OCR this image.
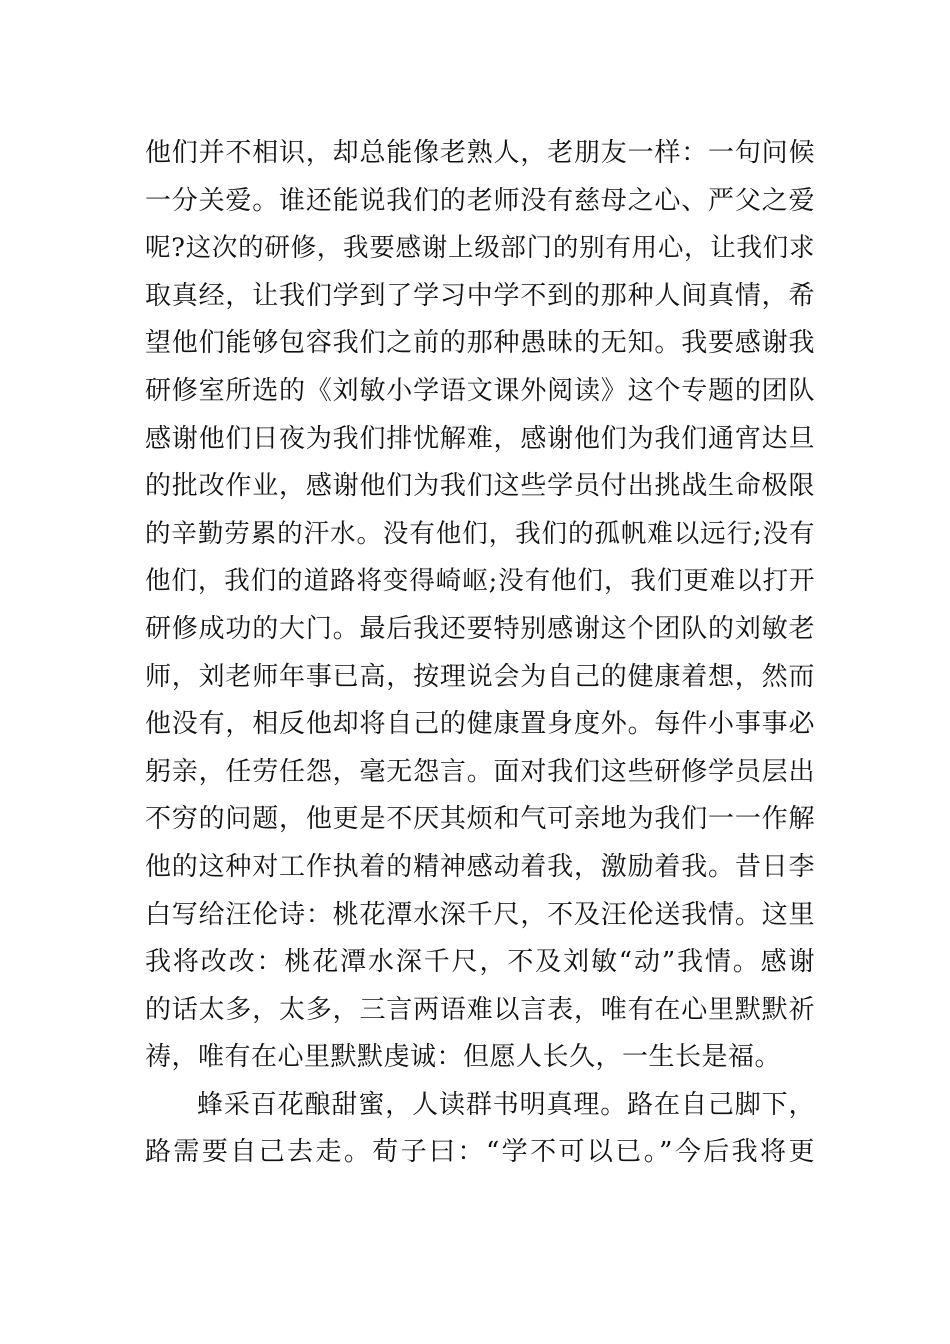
他们并不相识，却总能像老熟人，老朋友一样：一句问候
一分关爱。谁还能说我们的老师没有慈母之心、严父之爱
呢?这次的研修，我要感谢上级部门的别有用心，让我们求
取真经，让我们学到了学习中学不到的那种人间真情，希
望他们能够包容我们之前的那种愚昧的无知。我要感谢我
研修室所选的《刘敏小学语文课外阅读》这个专题的团队
感谢他们日夜为我们排忧解难，感谢他们为我们通宵达旦
的批改作业，感谢他们为我们这些学员付出挑战生命极限
的辛勤劳累的汗水。没有他们，我们的孤帆难以远行;没有
他们，我们的道路将变得崎岖;没有他们，我们更难以打开
研修成功的大门。最后我还要特别感谢这个团队的刘敏老
师，刘老师年事已高，按理说会为自己的健康着想，然而
他没有，相反他却将自己的健康置身度外。每件小事事必
躬亲，任劳任怨，毫无怨言。面对我们这些研修学员层出
不穷的问题，他更是不厌其烦和气可亲地为我们一一作解
他的这种对工作执着的精神感动着我，激励着我。昔日李
白写给汪伦诗：桃花潭水深千尺，不及汪伦送我情。这里
我将改改：桃花潭水深千尺，不及刘敏“动”我情。感谢
的话太多，太多，三言两语难以言表，唯有在心里默默祈
祷，唯有在心里默默虔诚：但愿人长久，一生长是福。
蜂采百花酿甜蜜，人读群书明真理。路在自己脚下，
路需要自己去走。荀子曰：“学不可以已。”今后我将更
